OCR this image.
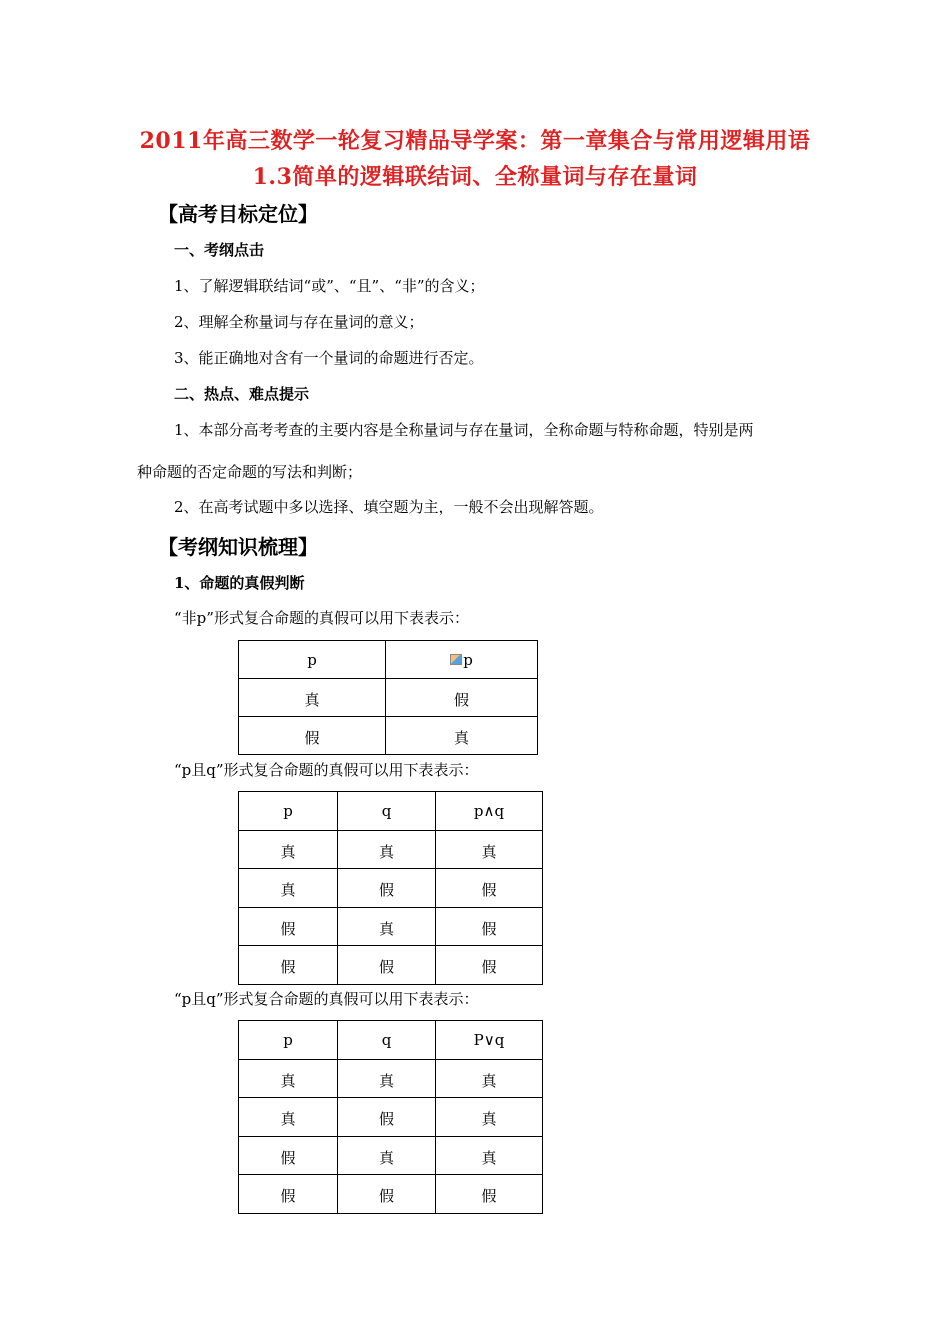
2011年高三数学一轮复习精品导学案：第一章集合与常用逻辑用语
1.3简单的逻辑联结词、全称量词与存在量词
【高考目标定位】
一、考纲点击
1、了解逻辑联结词“或”、“且”、“非”的含义；
2、理解全称量词与存在量词的意义；
3、能正确地对含有一个量词的命题进行否定。
二、热点、难点提示
1、本部分高考考查的主要内容是全称量词与存在量词，全称命题与特称命题，特别是两
种命题的否定命题的写法和判断；
2、在高考试题中多以选择、填空题为主，一般不会出现解答题。
【考纲知识梳理】
1、命题的真假判断
“非p”形式复合命题的真假可以用下表表示：
p	p
真	假
假	真
“p且q”形式复合命题的真假可以用下表表示：
p	q	p∧q
真	真	真
真	假	假
假	真	假
假	假	假
“p且q”形式复合命题的真假可以用下表表示：
p	q	P∨q
真	真	真
真	假	真
假	真	真
假	假	假
